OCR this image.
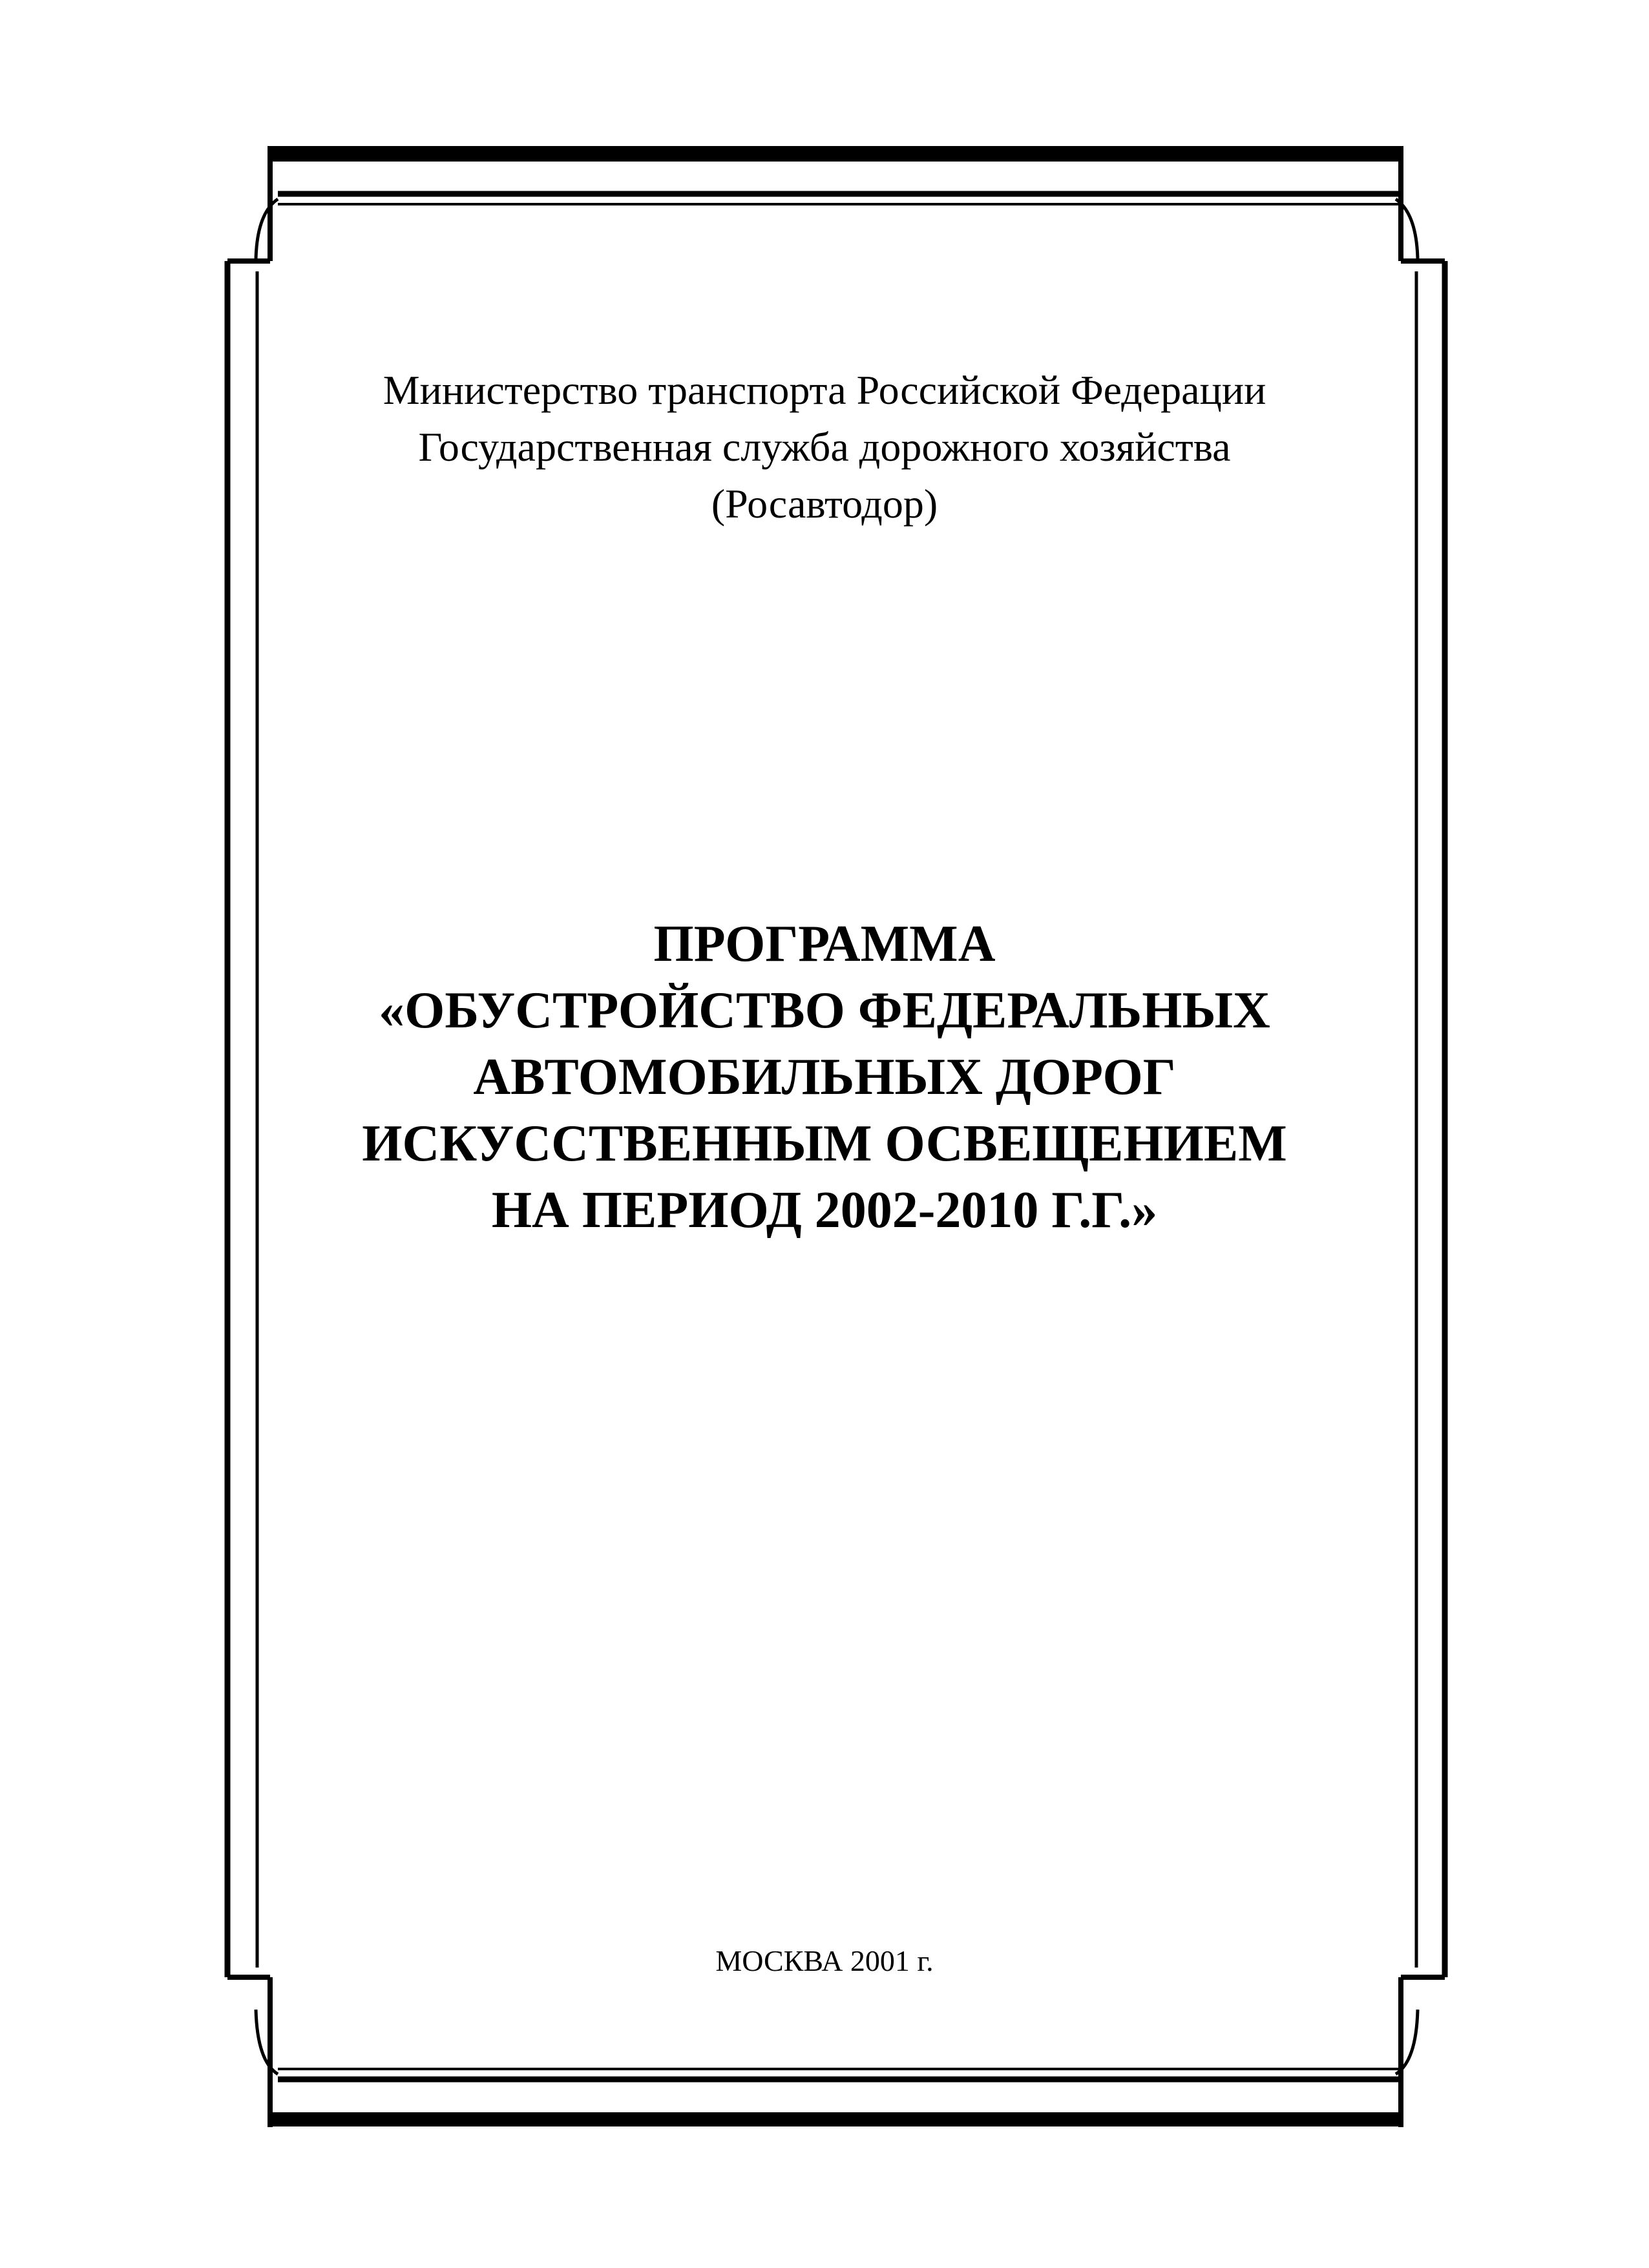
Министерство транспорта Российской Федерации
Государственная служба дорожного хозяйства
(Росавтодор)
ПРОГРАММА
«ОБУСТРОЙСТВО ФЕДЕРАЛЬНЫХ
АВТОМОБИЛЬНЫХ ДОРОГ
ИСКУССТВЕННЫМ ОСВЕЩЕНИЕМ
НА ПЕРИОД 2002-2010 Г.Г.»
МОСКВА 2001 г.
